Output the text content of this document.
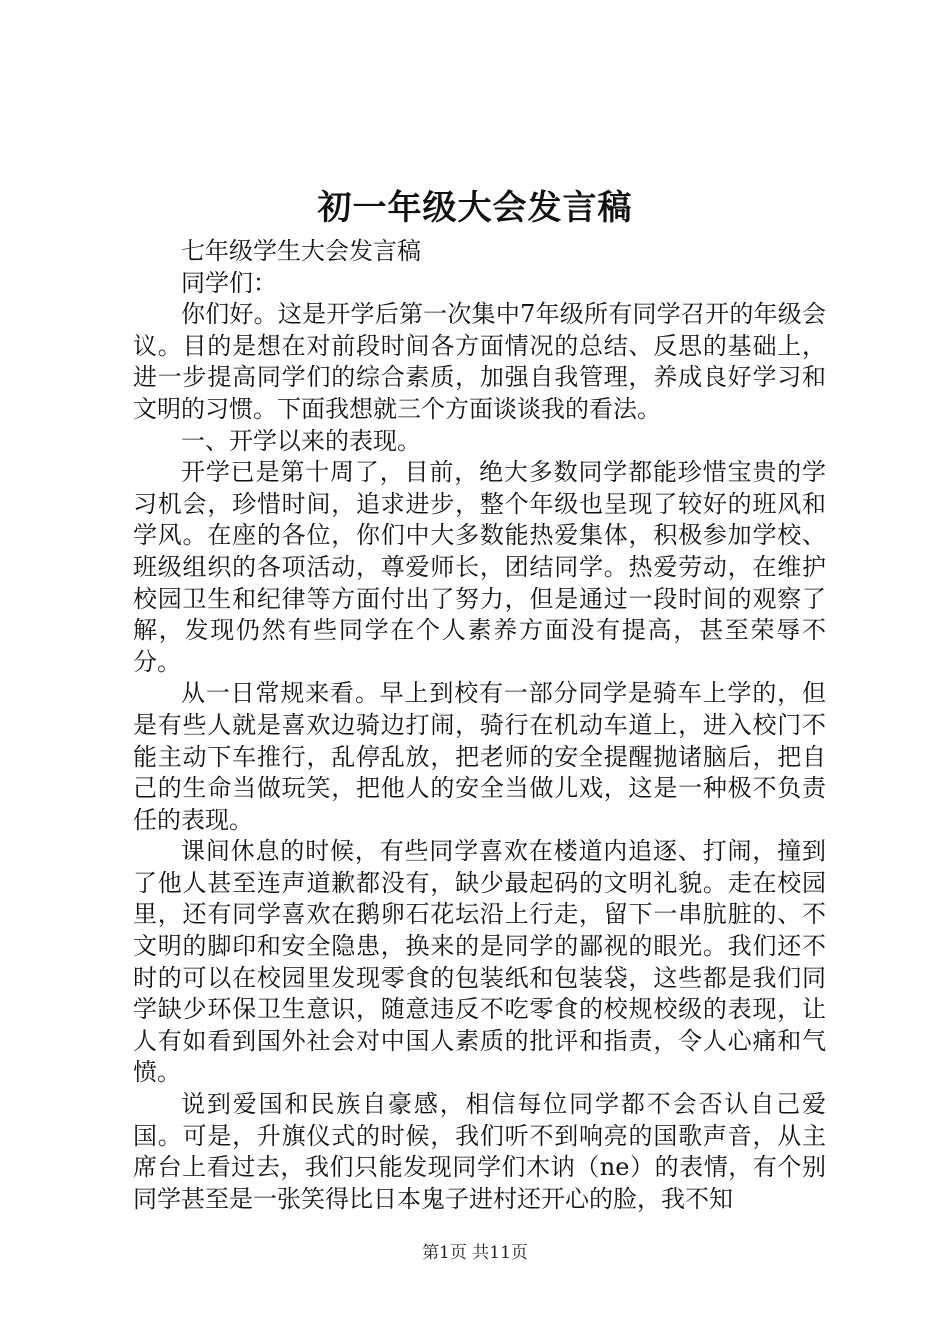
初一年级大会发言稿

七年级学生大会发言稿

同学们：

你们好。这是开学后第一次集中7年级所有同学召开的年级会议。目的是想在对前段时间各方面情况的总结、反思的基础上，进一步提高同学们的综合素质，加强自我管理，养成良好学习和文明的习惯。下面我想就三个方面谈谈我的看法。

一、开学以来的表现。

开学已是第十周了，目前，绝大多数同学都能珍惜宝贵的学习机会，珍惜时间，追求进步，整个年级也呈现了较好的班风和学风。在座的各位，你们中大多数能热爱集体，积极参加学校、班级组织的各项活动，尊爱师长，团结同学。热爱劳动，在维护校园卫生和纪律等方面付出了努力，但是通过一段时间的观察了解，发现仍然有些同学在个人素养方面没有提高，甚至荣辱不分。

从一日常规来看。早上到校有一部分同学是骑车上学的，但是有些人就是喜欢边骑边打闹，骑行在机动车道上，进入校门不能主动下车推行，乱停乱放，把老师的安全提醒抛诸脑后，把自己的生命当做玩笑，把他人的安全当做儿戏，这是一种极不负责任的表现。

课间休息的时候，有些同学喜欢在楼道内追逐、打闹，撞到了他人甚至连声道歉都没有，缺少最起码的文明礼貌。走在校园里，还有同学喜欢在鹅卵石花坛沿上行走，留下一串肮脏的、不文明的脚印和安全隐患，换来的是同学的鄙视的眼光。我们还不时的可以在校园里发现零食的包装纸和包装袋，这些都是我们同学缺少环保卫生意识，随意违反不吃零食的校规校级的表现，让人有如看到国外社会对中国人素质的批评和指责，令人心痛和气愤。

说到爱国和民族自豪感，相信每位同学都不会否认自己爱国。可是，升旗仪式的时候，我们听不到响亮的国歌声音，从主席台上看过去，我们只能发现同学们木讷（ne）的表情，有个别同学甚至是一张笑得比日本鬼子进村还开心的脸，我不知

第1页 共11页
